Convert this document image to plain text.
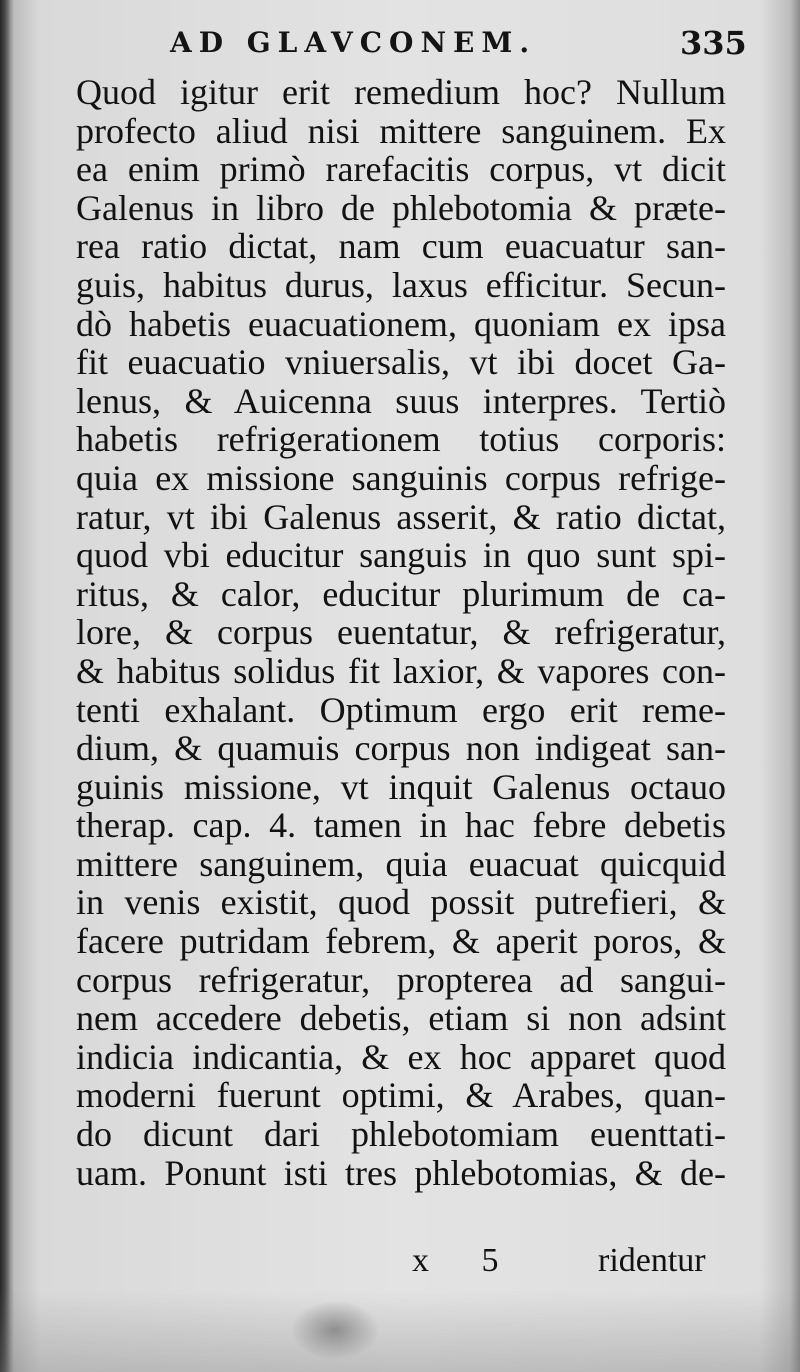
AD GLAVCONEM.	335
Quod igitur erit remedium hoc? Nullum
profecto aliud nisi mittere sanguinem. Ex
ea enim primò rarefacitis corpus, vt dicit
Galenus in libro de phlebotomia & præte-
rea ratio dictat, nam cum euacuatur san-
guis, habitus durus, laxus efficitur. Secun-
dò habetis euacuationem, quoniam ex ipsa
fit euacuatio vniuersalis, vt ibi docet Ga-
lenus, & Auicenna suus interpres. Tertiò
habetis refrigerationem totius corporis:
quia ex missione sanguinis corpus refrige-
ratur, vt ibi Galenus asserit, & ratio dictat,
quod vbi educitur sanguis in quo sunt spi-
ritus, & calor, educitur plurimum de ca-
lore, & corpus euentatur, & refrigeratur,
& habitus solidus fit laxior, & vapores con-
tenti exhalant. Optimum ergo erit reme-
dium, & quamuis corpus non indigeat san-
guinis missione, vt inquit Galenus octauo
therap. cap. 4. tamen in hac febre debetis
mittere sanguinem, quia euacuat quicquid
in venis existit, quod possit putrefieri, &
facere putridam febrem, & aperit poros, &
corpus refrigeratur, propterea ad sangui-
nem accedere debetis, etiam si non adsint
indicia indicantia, & ex hoc apparet quod
moderni fuerunt optimi, & Arabes, quan-
do dicunt dari phlebotomiam euenttati-
uam. Ponunt isti tres phlebotomias, & de-
x 5 ridentur
